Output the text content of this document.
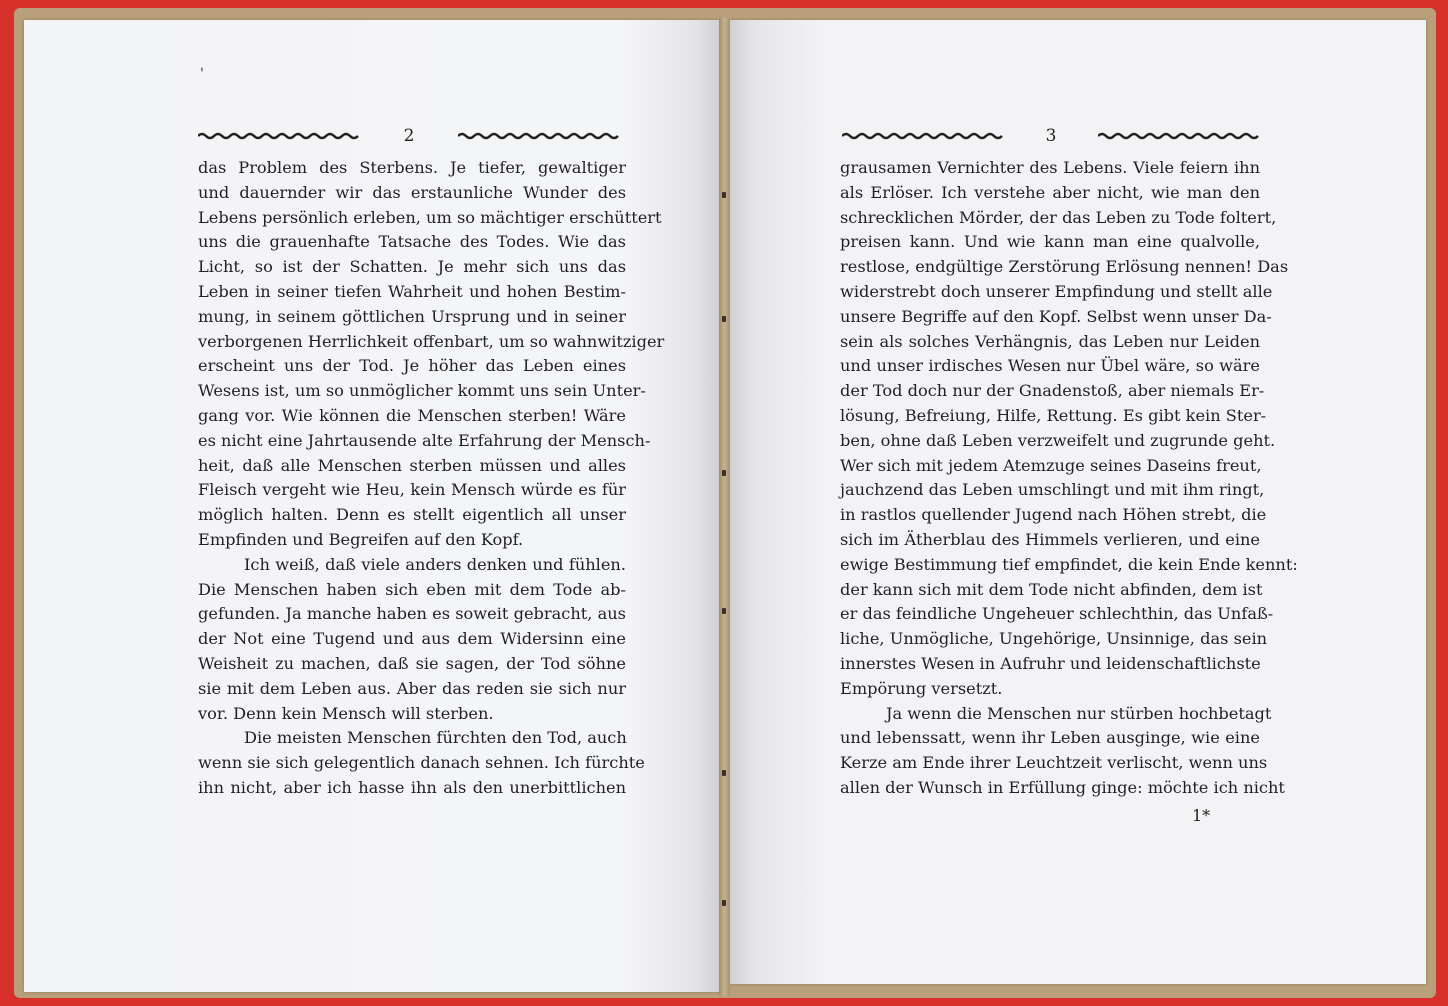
'
2

das Problem des Sterbens. Je tiefer, gewaltiger
und dauernder wir das erstaunliche Wunder des
Lebens persönlich erleben, um so mächtiger erschüttert
uns die grauenhafte Tatsache des Todes. Wie das
Licht, so ist der Schatten. Je mehr sich uns das
Leben in seiner tiefen Wahrheit und hohen Bestim-
mung, in seinem göttlichen Ursprung und in seiner
verborgenen Herrlichkeit offenbart, um so wahnwitziger
erscheint uns der Tod. Je höher das Leben eines
Wesens ist, um so unmöglicher kommt uns sein Unter-
gang vor. Wie können die Menschen sterben! Wäre
es nicht eine Jahrtausende alte Erfahrung der Mensch-
heit, daß alle Menschen sterben müssen und alles
Fleisch vergeht wie Heu, kein Mensch würde es für
möglich halten. Denn es stellt eigentlich all unser
Empfinden und Begreifen auf den Kopf.

Ich weiß, daß viele anders denken und fühlen.
Die Menschen haben sich eben mit dem Tode ab-
gefunden. Ja manche haben es soweit gebracht, aus
der Not eine Tugend und aus dem Widersinn eine
Weisheit zu machen, daß sie sagen, der Tod söhne
sie mit dem Leben aus. Aber das reden sie sich nur
vor. Denn kein Mensch will sterben.

Die meisten Menschen fürchten den Tod, auch
wenn sie sich gelegentlich danach sehnen. Ich fürchte
ihn nicht, aber ich hasse ihn als den unerbittlichen

3

grausamen Vernichter des Lebens. Viele feiern ihn
als Erlöser. Ich verstehe aber nicht, wie man den
schrecklichen Mörder, der das Leben zu Tode foltert,
preisen kann. Und wie kann man eine qualvolle,
restlose, endgültige Zerstörung Erlösung nennen! Das
widerstrebt doch unserer Empfindung und stellt alle
unsere Begriffe auf den Kopf. Selbst wenn unser Da-
sein als solches Verhängnis, das Leben nur Leiden
und unser irdisches Wesen nur Übel wäre, so wäre
der Tod doch nur der Gnadenstoß, aber niemals Er-
lösung, Befreiung, Hilfe, Rettung. Es gibt kein Ster-
ben, ohne daß Leben verzweifelt und zugrunde geht.
Wer sich mit jedem Atemzuge seines Daseins freut,
jauchzend das Leben umschlingt und mit ihm ringt,
in rastlos quellender Jugend nach Höhen strebt, die
sich im Ätherblau des Himmels verlieren, und eine
ewige Bestimmung tief empfindet, die kein Ende kennt:
der kann sich mit dem Tode nicht abfinden, dem ist
er das feindliche Ungeheuer schlechthin, das Unfaß-
liche, Unmögliche, Ungehörige, Unsinnige, das sein
innerstes Wesen in Aufruhr und leidenschaftlichste
Empörung versetzt.

Ja wenn die Menschen nur stürben hochbetagt
und lebenssatt, wenn ihr Leben ausginge, wie eine
Kerze am Ende ihrer Leuchtzeit verlischt, wenn uns
allen der Wunsch in Erfüllung ginge: möchte ich nicht

1*
